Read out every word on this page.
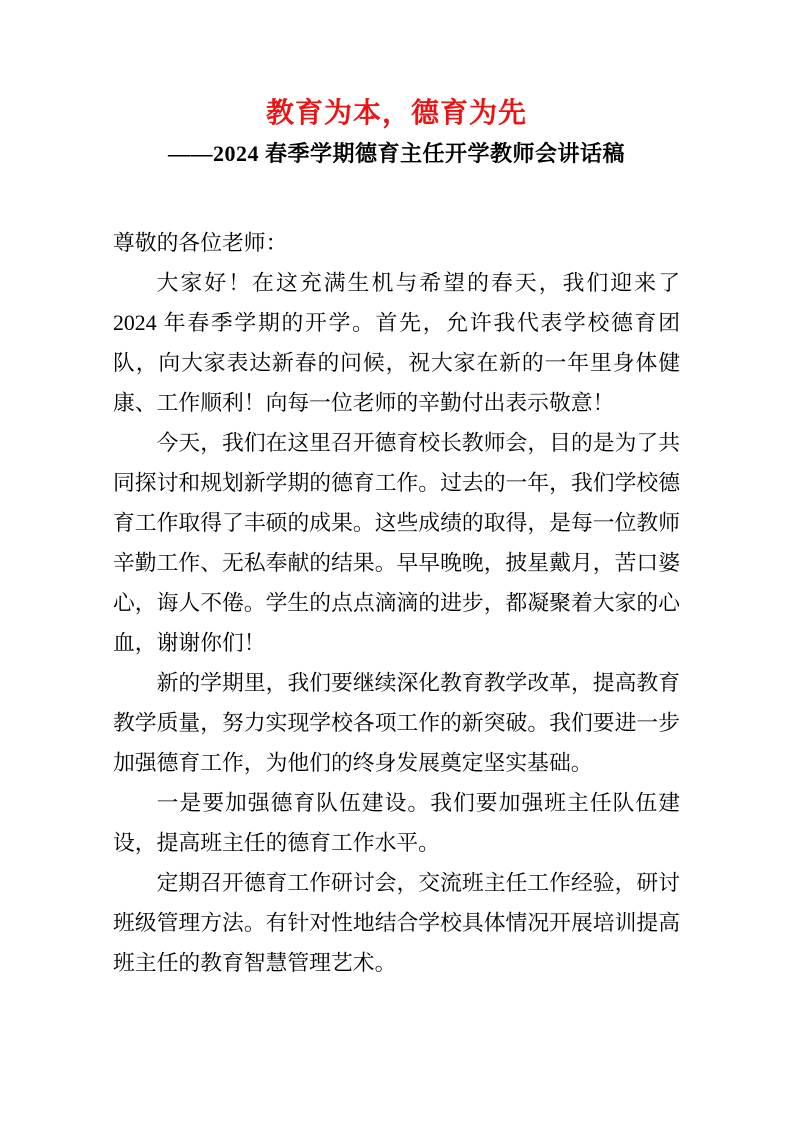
教育为本，德育为先
——2024 春季学期德育主任开学教师会讲话稿

尊敬的各位老师：

大家好！在这充满生机与希望的春天，我们迎来了 2024 年春季学期的开学。首先，允许我代表学校德育团队，向大家表达新春的问候，祝大家在新的一年里身体健康、工作顺利！向每一位老师的辛勤付出表示敬意！

今天，我们在这里召开德育校长教师会，目的是为了共同探讨和规划新学期的德育工作。过去的一年，我们学校德育工作取得了丰硕的成果。这些成绩的取得，是每一位教师辛勤工作、无私奉献的结果。早早晚晚，披星戴月，苦口婆心，诲人不倦。学生的点点滴滴的进步，都凝聚着大家的心血，谢谢你们！

新的学期里，我们要继续深化教育教学改革，提高教育教学质量，努力实现学校各项工作的新突破。我们要进一步加强德育工作，为他们的终身发展奠定坚实基础。

一是要加强德育队伍建设。我们要加强班主任队伍建设，提高班主任的德育工作水平。

定期召开德育工作研讨会，交流班主任工作经验，研讨班级管理方法。有针对性地结合学校具体情况开展培训提高班主任的教育智慧管理艺术。
